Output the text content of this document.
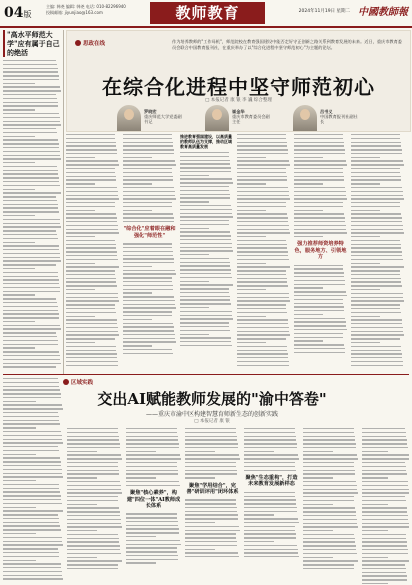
04版
主编: 韩尧 编辑: 韩尧 电话: 010-82296940
投稿邮箱: jiyunjiao@163.com	教师教育	2024年11月19日 星期二 中國教師報
"高水平师范大学"应有属于自己的绝活
思政在线	作为培养教师的"工作母机"，师范院校在教育强国建设中能否走好守正创新之路关系到教育发展的未来。近日，重庆市教育委员会联合中国教育报刊社，在重庆举办了以"综合化进程中坚守师范初心"为主题的论坛。
在综合化进程中坚守师范初心
□ 本报记者 康 银 李 巍 综合整理
罗晓宏
重庆师范大学党委副书记
崔金华
重庆市教育委员会副主任
吕书义
中国教育报刊社副社长
"综合化"应着眼在融和强化"师范性"
推进教育强国建设，以高质量的教师队伍为支撑，推动区域教育高质量发展
强力推荐师资培养特色，服务地方、引领地方
区域实践
交出AI赋能教师发展的"渝中答卷"
——重庆市渝中区构建智慧育师新生态的创新实践
□ 本报记者 康 银
聚焦"核心素养"，构建"四位一体"AI教师成长体系
聚焦"学用结合"，完善"研训评用"闭环体系
聚焦"生态重构"，打造未来教育发展新样态
